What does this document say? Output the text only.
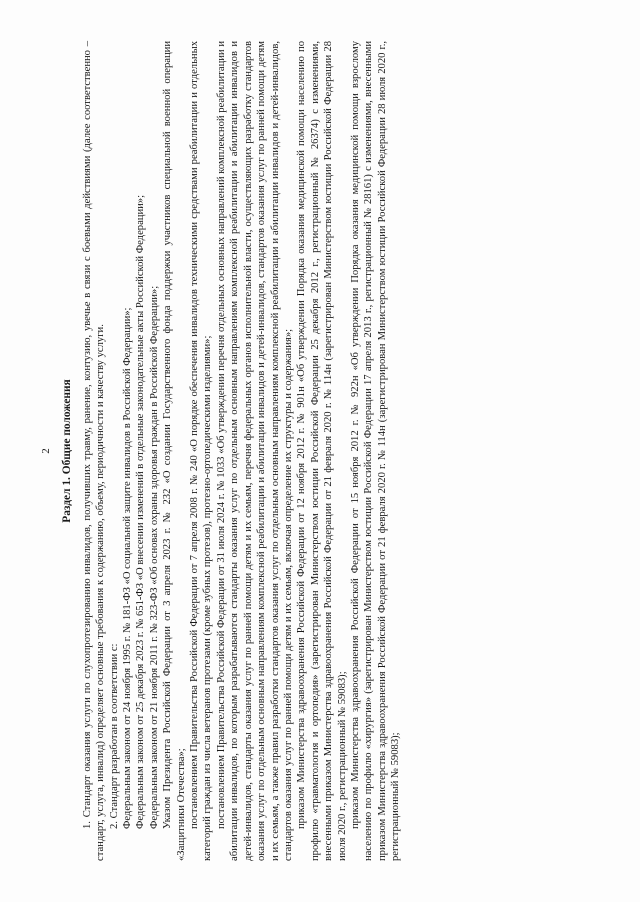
2 Раздел 1. Общие положения 1. Стандарт оказания услуги по слухопротезированию инвалидов, получивших травму, ранение, контузию, увечье в связи с боевыми действиями (далее соответственно – стандарт, услуга, инвалид) определяет основные требования к содержанию, объему, периодичности и качеству услуги. 2. Стандарт разработан в соответствии с: Федеральным законом от 24 ноября 1995 г. № 181-ФЗ «О социальной защите инвалидов в Российской Федерации»; Федеральным законом от 25 декабря 2023 г. № 651-ФЗ «О внесении изменений в отдельные законодательные акты Российской Федерации»; Федеральным законом от 21 ноября 2011 г. № 323-ФЗ «Об основах охраны здоровья граждан в Российской Федерации»; Указом Президента Российской Федерации от 3 апреля 2023 г. № 232 «О создании Государственного фонда поддержки участников специальной военной операции «Защитники Отечества»; постановлением Правительства Российской Федерации от 7 апреля 2008 г. № 240 «О порядке обеспечения инвалидов техническими средствами реабилитации и отдельных категорий граждан из числа ветеранов протезами (кроме зубных протезов), протезно-ортопедическими изделиями»; постановлением Правительства Российской Федерации от 31 июля 2024 г. № 1033 «Об утверждении перечня отдельных основных направлений комплексной реабилитации и абилитации инвалидов, по которым разрабатываются стандарты оказания услуг по отдельным основным направлениям комплексной реабилитации и абилитации инвалидов и детей-инвалидов, стандарты оказания услуг по ранней помощи детям и их семьям, перечня федеральных органов исполнительной власти, осуществляющих разработку стандартов оказания услуг по отдельным основным направлениям комплексной реабилитации и абилитации инвалидов и детей-инвалидов, стандартов оказания услуг по ранней помощи детям и их семьям, а также правил разработки стандартов оказания услуг по отдельным основным направлениям комплексной реабилитации и абилитации инвалидов и детей-инвалидов, стандартов оказания услуг по ранней помощи детям и их семьям, включая определение их структуры и содержания»; приказом Министерства здравоохранения Российской Федерации от 12 ноября 2012 г. № 901н «Об утверждении Порядка оказания медицинской помощи населению по профилю «травматология и ортопедия» (зарегистрирован Министерством юстиции Российской Федерации 25 декабря 2012 г., регистрационный № 26374) с изменениями, внесенными приказом Министерства здравоохранения Российской Федерации от 21 февраля 2020 г. № 114н (зарегистрирован Министерством юстиции Российской Федерации 28 июля 2020 г., регистрационный № 59083); приказом Министерства здравоохранения Российской Федерации от 15 ноября 2012 г. № 922н «Об утверждении Порядка оказания медицинской помощи взрослому населению по профилю «хирургия» (зарегистрирован Министерством юстиции Российской Федерации 17 апреля 2013 г., регистрационный № 28161) с изменениями, внесенными приказом Министерства здравоохранения Российской Федерации от 21 февраля 2020 г. № 114н (зарегистрирован Министерством юстиции Российской Федерации 28 июля 2020 г., регистрационный № 59083);
